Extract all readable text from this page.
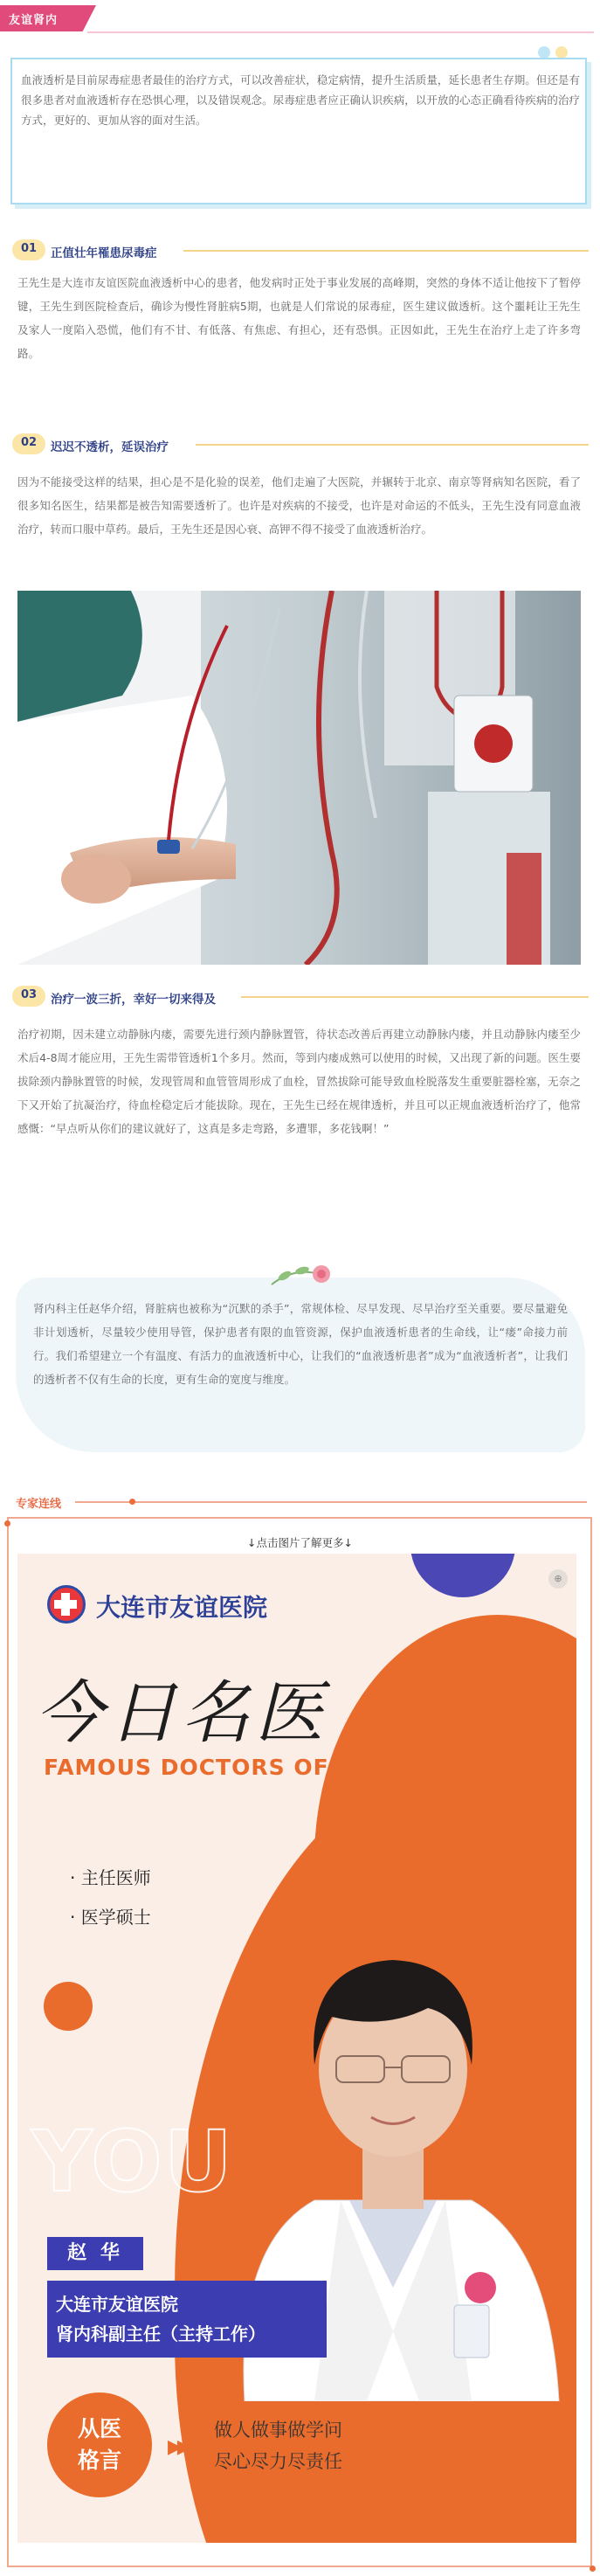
友谊肾内

血液透析是目前尿毒症患者最佳的治疗方式，可以改善症状，稳定病情，提升生活质量，延长患者生存期。但还是有很多患者对血液透析存在恐惧心理，以及错误观念。尿毒症患者应正确认识疾病，以开放的心态正确看待疾病的治疗方式，更好的、更加从容的面对生活。

01 正值壮年罹患尿毒症

王先生是大连市友谊医院血液透析中心的患者，他发病时正处于事业发展的高峰期，突然的身体不适让他按下了暂停键，王先生到医院检查后，确诊为慢性肾脏病5期，也就是人们常说的尿毒症，医生建议做透析。这个噩耗让王先生及家人一度陷入恐慌，他们有不甘、有低落、有焦虑、有担心，还有恐惧。正因如此，王先生在治疗上走了许多弯路。

02 迟迟不透析，延误治疗

因为不能接受这样的结果，担心是不是化验的误差，他们走遍了大医院，并辗转于北京、南京等肾病知名医院，看了很多知名医生，结果都是被告知需要透析了。也许是对疾病的不接受，也许是对命运的不低头，王先生没有同意血液治疗，转而口服中草药。最后，王先生还是因心衰、高钾不得不接受了血液透析治疗。

03 治疗一波三折，幸好一切来得及

治疗初期，因未建立动静脉内瘘，需要先进行颈内静脉置管，待状态改善后再建立动静脉内瘘，并且动静脉内瘘至少术后4-8周才能应用，王先生需带管透析1个多月。然而，等到内瘘成熟可以使用的时候，又出现了新的问题。医生要拔除颈内静脉置管的时候，发现管周和血管管周形成了血栓，冒然拔除可能导致血栓脱落发生重要脏器栓塞，无奈之下又开始了抗凝治疗，待血栓稳定后才能拔除。现在，王先生已经在规律透析，并且可以正规血液透析治疗了，他常感慨：“早点听从你们的建议就好了，这真是多走弯路，多遭罪，多花钱啊！”

肾内科主任赵华介绍，肾脏病也被称为“沉默的杀手”，常规体检、尽早发现、尽早治疗至关重要。要尽量避免非计划透析，尽量较少使用导管，保护患者有限的血管资源，保护血液透析患者的生命线，让“瘘”命接力前行。我们希望建立一个有温度、有活力的血液透析中心，让我们的“血液透析患者”成为“血液透析者”，让我们的透析者不仅有生命的长度，更有生命的宽度与维度。

专家连线
↓点击图片了解更多↓
大连市友谊医院
⊕
今日名医
FAMOUS DOCTORS OF YOUYI
· 主任医师
· 医学硕士
YOU
赵 华
大连市友谊医院
肾内科副主任（主持工作）
从医
格言
▶▶
做人做事做学问
尽心尽力尽责任
